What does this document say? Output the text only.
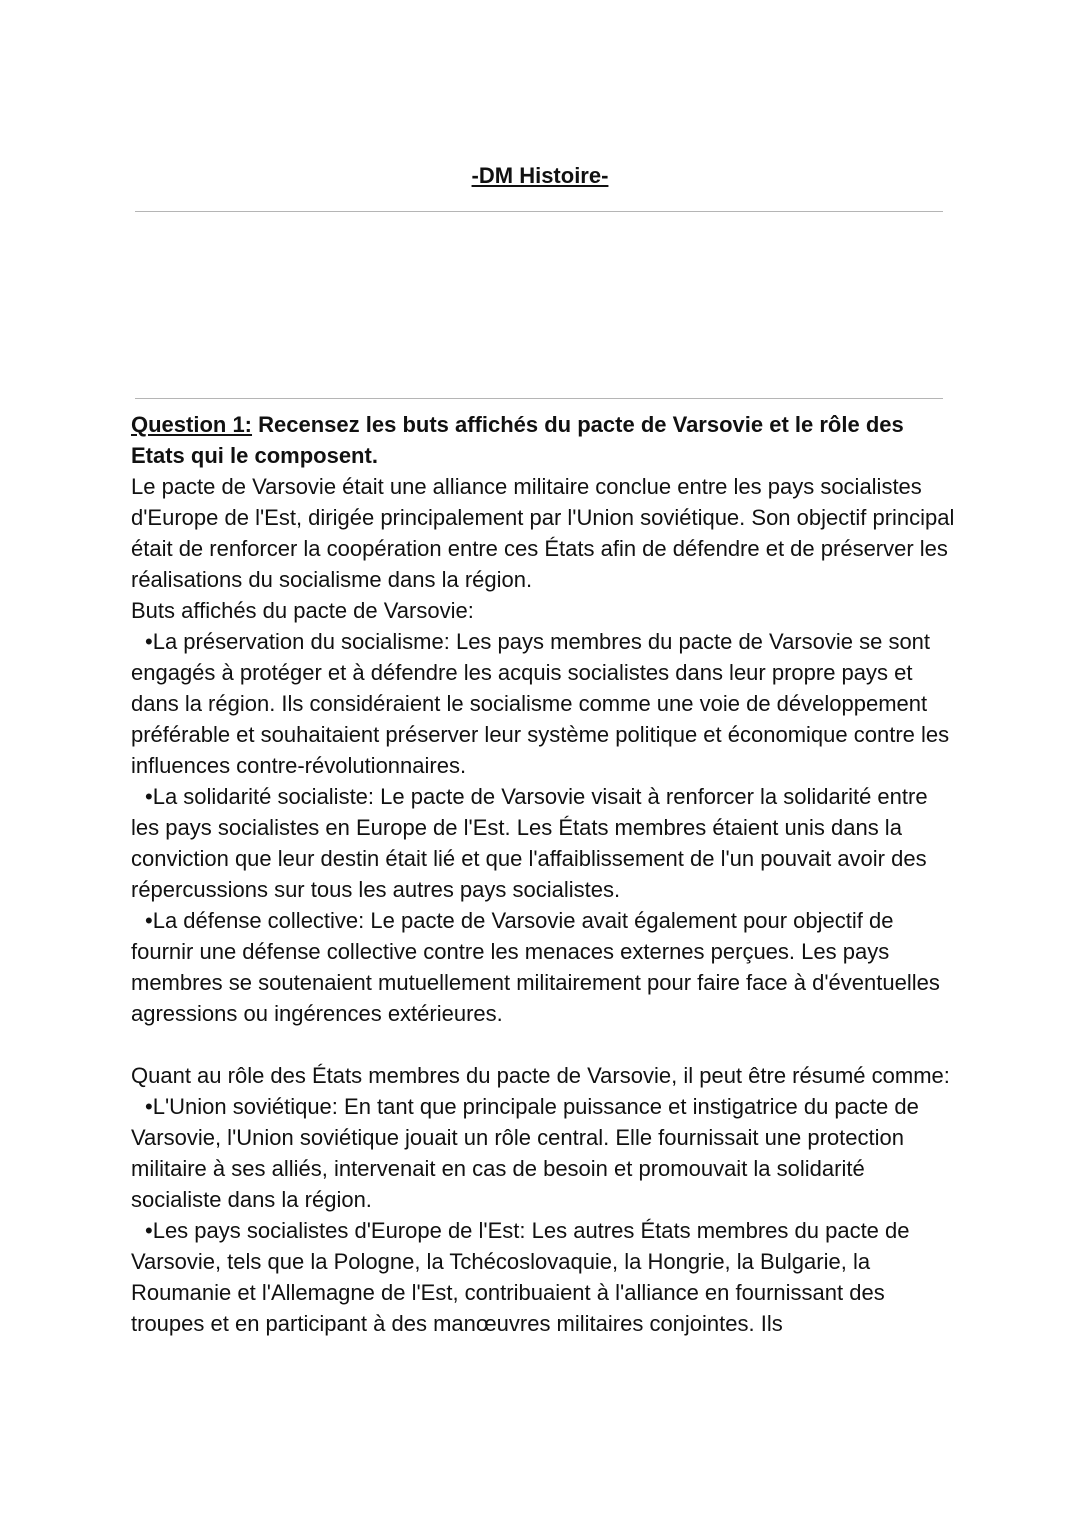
-DM Histoire-

Question 1: Recensez les buts affichés du pacte de Varsovie et le rôle des Etats qui le composent.

Le pacte de Varsovie était une alliance militaire conclue entre les pays socialistes d'Europe de l'Est, dirigée principalement par l'Union soviétique. Son objectif principal était de renforcer la coopération entre ces États afin de défendre et de préserver les réalisations du socialisme dans la région.

Buts affichés du pacte de Varsovie:

•La préservation du socialisme: Les pays membres du pacte de Varsovie se sont engagés à protéger et à défendre les acquis socialistes dans leur propre pays et dans la région. Ils considéraient le socialisme comme une voie de développement préférable et souhaitaient préserver leur système politique et économique contre les influences contre-révolutionnaires.

•La solidarité socialiste: Le pacte de Varsovie visait à renforcer la solidarité entre les pays socialistes en Europe de l'Est. Les États membres étaient unis dans la conviction que leur destin était lié et que l'affaiblissement de l'un pouvait avoir des répercussions sur tous les autres pays socialistes.

•La défense collective: Le pacte de Varsovie avait également pour objectif de fournir une défense collective contre les menaces externes perçues. Les pays membres se soutenaient mutuellement militairement pour faire face à d'éventuelles agressions ou ingérences extérieures.

Quant au rôle des États membres du pacte de Varsovie, il peut être résumé comme:

•L'Union soviétique: En tant que principale puissance et instigatrice du pacte de Varsovie, l'Union soviétique jouait un rôle central. Elle fournissait une protection militaire à ses alliés, intervenait en cas de besoin et promouvait la solidarité socialiste dans la région.

•Les pays socialistes d'Europe de l'Est: Les autres États membres du pacte de Varsovie, tels que la Pologne, la Tchécoslovaquie, la Hongrie, la Bulgarie, la Roumanie et l'Allemagne de l'Est, contribuaient à l'alliance en fournissant des troupes et en participant à des manœuvres militaires conjointes. Ils
